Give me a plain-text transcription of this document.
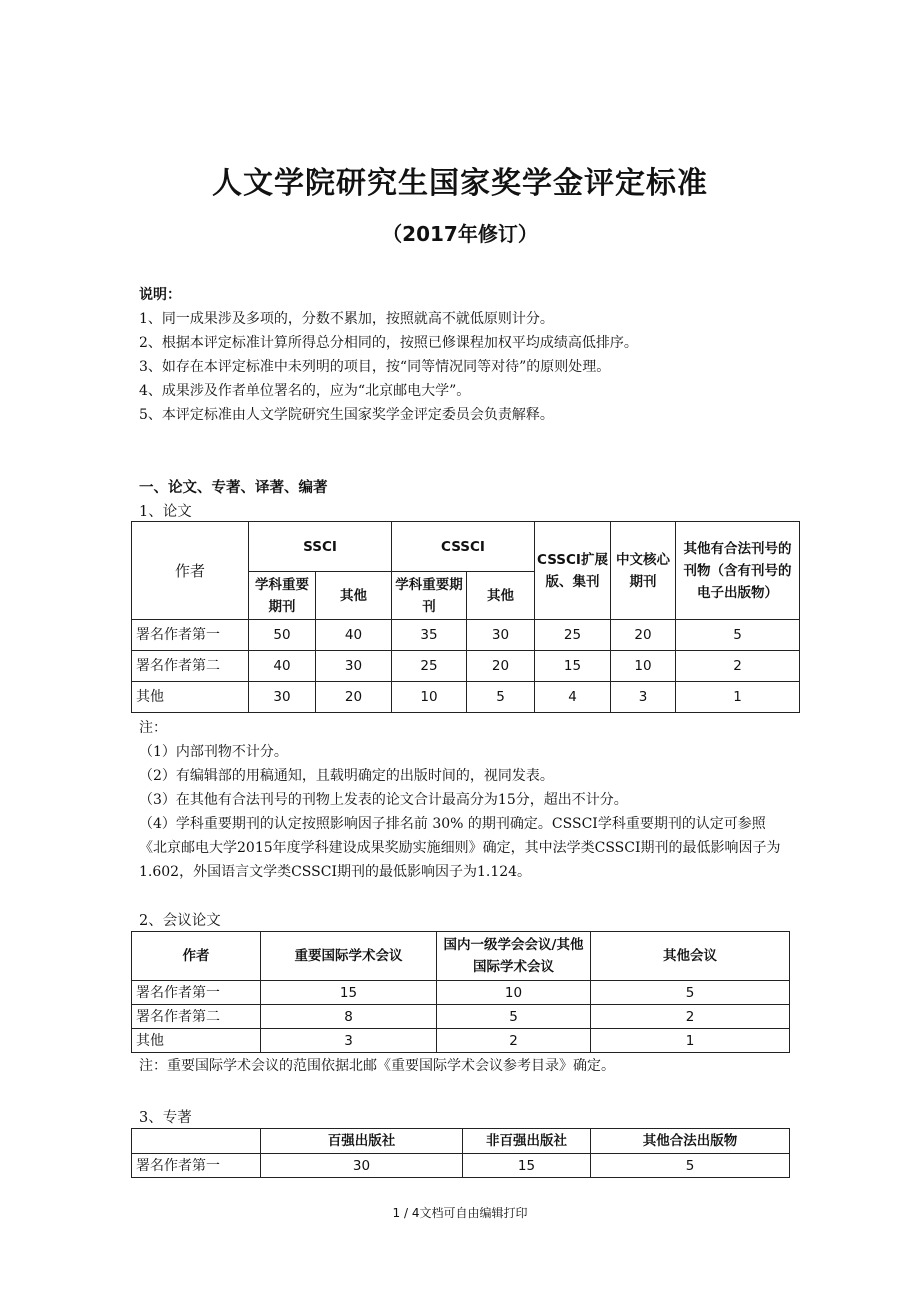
人文学院研究生国家奖学金评定标准
（2017年修订）
说明：
1、同一成果涉及多项的，分数不累加，按照就高不就低原则计分。
2、根据本评定标准计算所得总分相同的，按照已修课程加权平均成绩高低排序。
3、如存在本评定标准中未列明的项目，按“同等情况同等对待”的原则处理。
4、成果涉及作者单位署名的，应为“北京邮电大学”。
5、本评定标准由人文学院研究生国家奖学金评定委员会负责解释。
一、论文、专著、译著、编著
1、论文
作者	SSCI		CSSCI		CSSCI扩展版、集刊	中文核心期刊	其他有合法刊号的刊物（含有刊号的电子出版物）
	学科重要期刊	其他	学科重要期刊	其他			
署名作者第一	50	40	35	30	25	20	5
署名作者第二	40	30	25	20	15	10	2
其他	30	20	10	5	4	3	1
注：
（1）内部刊物不计分。
（2）有编辑部的用稿通知，且载明确定的出版时间的，视同发表。
（3）在其他有合法刊号的刊物上发表的论文合计最高分为15分，超出不计分。
（4）学科重要期刊的认定按照影响因子排名前 30% 的期刊确定。CSSCI学科重要期刊的认定可参照《北京邮电大学2015年度学科建设成果奖励实施细则》确定，其中法学类CSSCI期刊的最低影响因子为1.602，外国语言文学类CSSCI期刊的最低影响因子为1.124。
2、会议论文
作者	重要国际学术会议	国内一级学会会议/其他国际学术会议	其他会议
署名作者第一	15	10	5
署名作者第二	8	5	2
其他	3	2	1
注：重要国际学术会议的范围依据北邮《重要国际学术会议参考目录》确定。
3、专著
	百强出版社	非百强出版社	其他合法出版物
署名作者第一	30	15	5
1 / 4文档可自由编辑打印
